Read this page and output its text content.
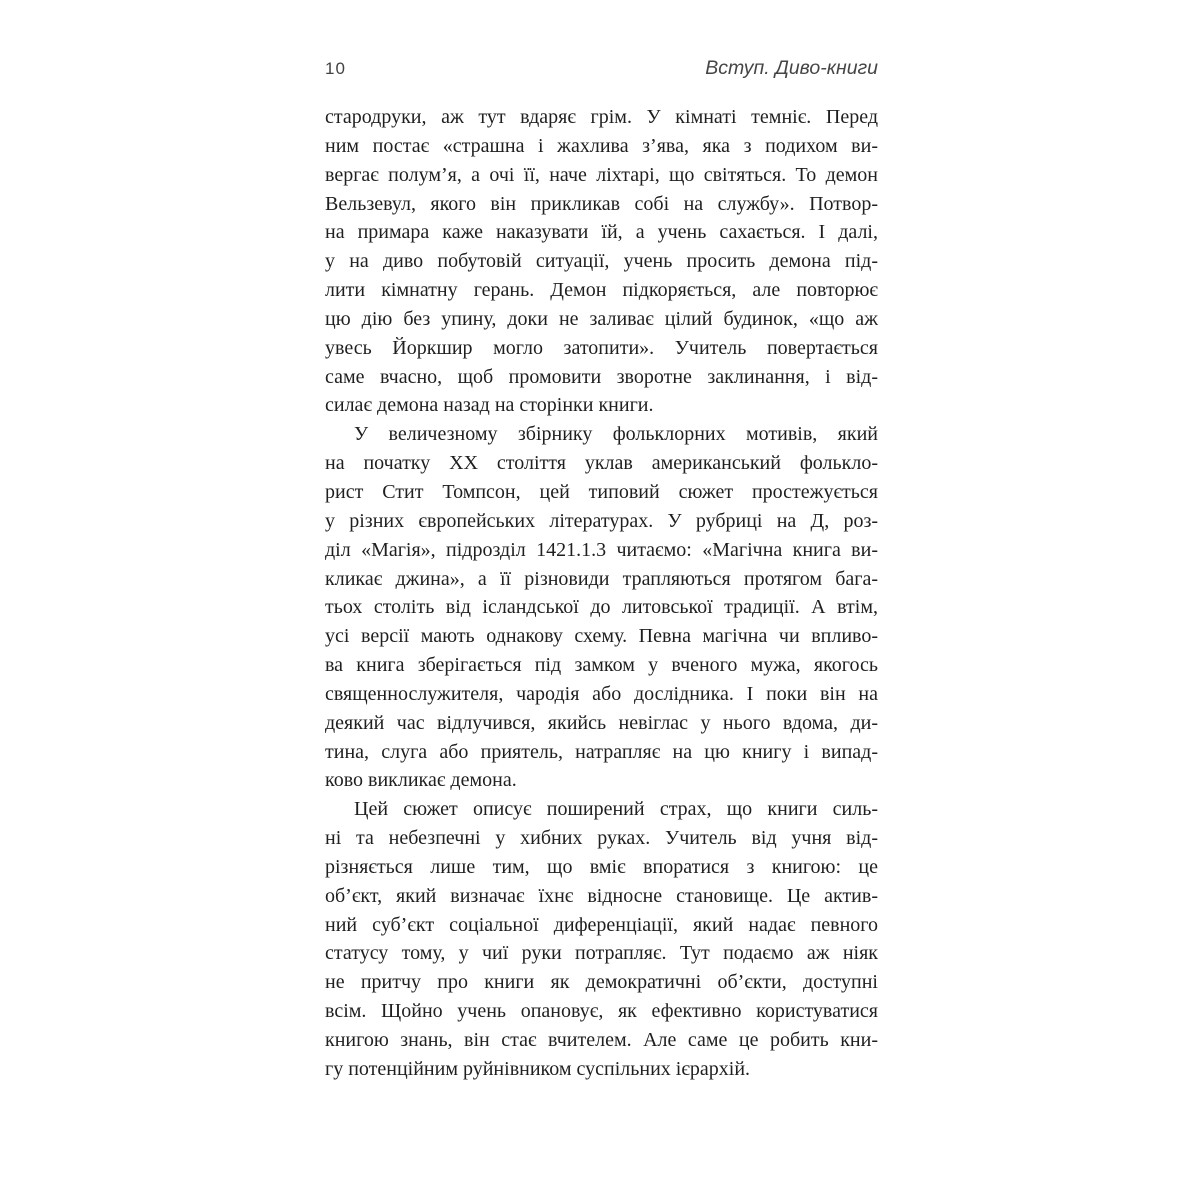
10	Вступ. Диво-книги
стародруки, аж тут вдаряє грім. У кімнаті темніє. Перед
ним постає «страшна і жахлива з’ява, яка з подихом ви-
вергає полум’я, а очі її, наче ліхтарі, що світяться. То демон
Вельзевул, якого він прикликав собі на службу». Потвор-
на примара каже наказувати їй, а учень сахається. І далі,
у на диво побутовій ситуації, учень просить демона під-
лити кімнатну герань. Демон підкоряється, але повторює
цю дію без упину, доки не заливає цілий будинок, «що аж
увесь Йоркшир могло затопити». Учитель повертається
саме вчасно, щоб промовити зворотне заклинання, і від-
силає демона назад на сторінки книги.
У величезному збірнику фольклорних мотивів, який
на початку XX століття уклав американський фолькло-
рист Стит Томпсон, цей типовий сюжет простежується
у різних європейських літературах. У рубриці на Д, роз-
діл «Магія», підрозділ 1421.1.3 читаємо: «Магічна книга ви-
кликає джина», а її різновиди трапляються протягом бага-
тьох століть від ісландської до литовської традиції. А втім,
усі версії мають однакову схему. Певна магічна чи впливо-
ва книга зберігається під замком у вченого мужа, якогось
священнослужителя, чародія або дослідника. І поки він на
деякий час відлучився, якийсь невіглас у нього вдома, ди-
тина, слуга або приятель, натрапляє на цю книгу і випад-
ково викликає демона.
Цей сюжет описує поширений страх, що книги силь-
ні та небезпечні у хибних руках. Учитель від учня від-
різняється лише тим, що вміє впоратися з книгою: це
об’єкт, який визначає їхнє відносне становище. Це актив-
ний суб’єкт соціальної диференціації, який надає певного
статусу тому, у чиї руки потрапляє. Тут подаємо аж ніяк
не притчу про книги як демократичні об’єкти, доступні
всім. Щойно учень опановує, як ефективно користуватися
книгою знань, він стає вчителем. Але саме це робить кни-
гу потенційним руйнівником суспільних ієрархій.
